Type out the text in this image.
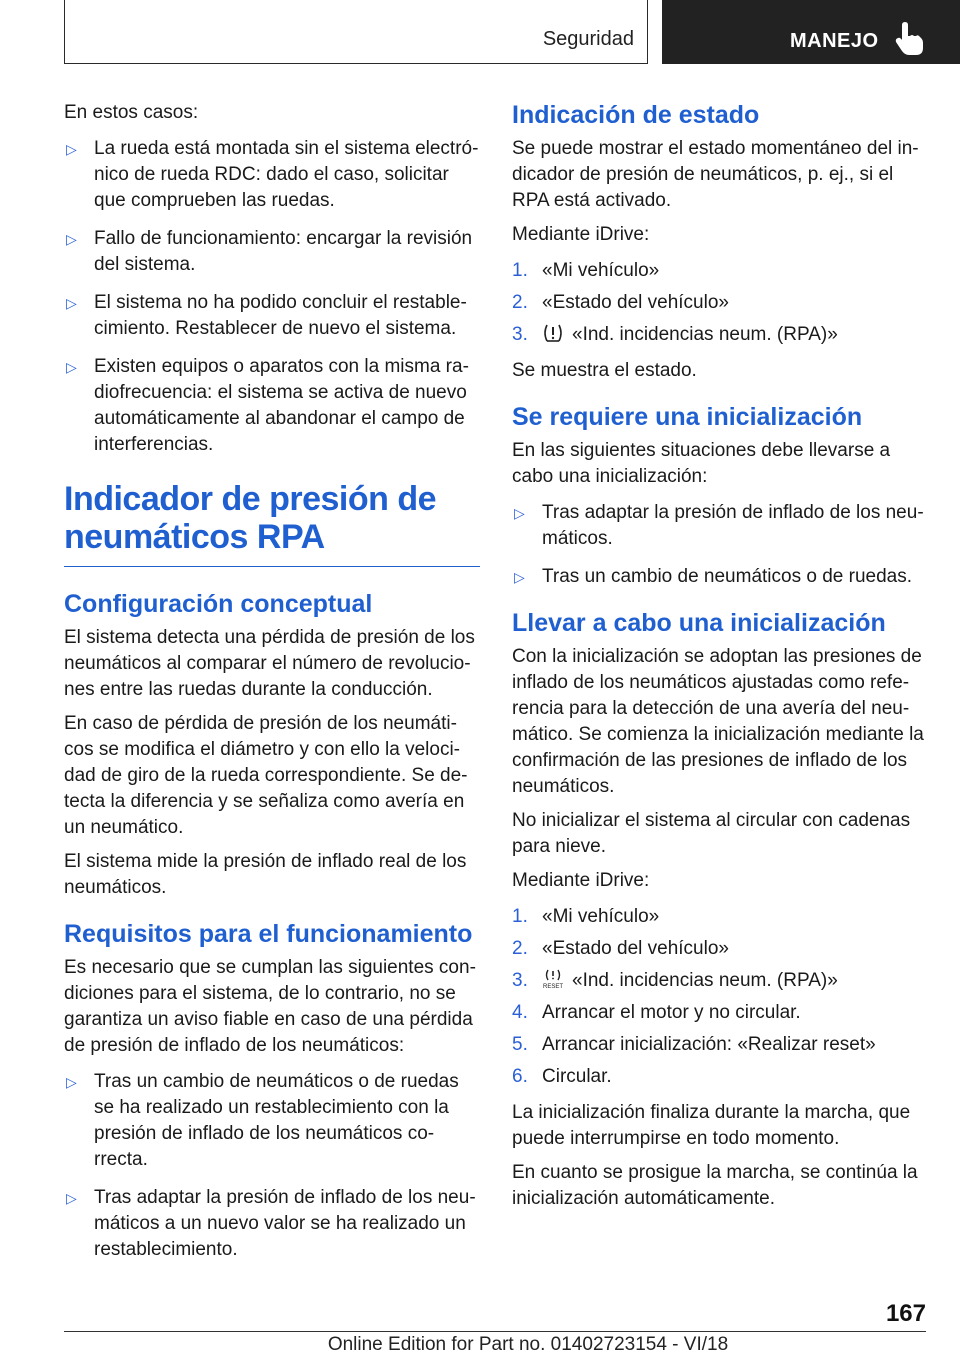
Seguridad	MANEJO

En estos casos:

▷ La rueda está montada sin el sistema electró-nico de rueda RDC: dado el caso, solicitar que comprueben las ruedas.
▷ Fallo de funcionamiento: encargar la revisión del sistema.
▷ El sistema no ha podido concluir el restable-cimiento. Restablecer de nuevo el sistema.
▷ Existen equipos o aparatos con la misma ra-diofrecuencia: el sistema se activa de nuevo automáticamente al abandonar el campo de interferencias.
Indicador de presión de neumáticos RPA
Configuración conceptual

El sistema detecta una pérdida de presión de los neumáticos al comparar el número de revolucio-nes entre las ruedas durante la conducción.

En caso de pérdida de presión de los neumáti-cos se modifica el diámetro y con ello la veloci-dad de giro de la rueda correspondiente. Se de-tecta la diferencia y se señaliza como avería en un neumático.

El sistema mide la presión de inflado real de los neumáticos.

Requisitos para el funcionamiento

Es necesario que se cumplan las siguientes con-diciones para el sistema, de lo contrario, no se garantiza un aviso fiable en caso de una pérdida de presión de inflado de los neumáticos:

▷ Tras un cambio de neumáticos o de ruedas se ha realizado un restablecimiento con la presión de inflado de los neumáticos co-rrecta.
▷ Tras adaptar la presión de inflado de los neu-máticos a un nuevo valor se ha realizado un restablecimiento.
Indicación de estado

Se puede mostrar el estado momentáneo del in-dicador de presión de neumáticos, p. ej., si el RPA está activado.

Mediante iDrive:

1. «Mi vehículo»
2. «Estado del vehículo»
3. «Ind. incidencias neum. (RPA)»

Se muestra el estado.

Se requiere una inicialización

En las siguientes situaciones debe llevarse a cabo una inicialización:

▷ Tras adaptar la presión de inflado de los neu-máticos.
▷ Tras un cambio de neumáticos o de ruedas.
Llevar a cabo una inicialización

Con la inicialización se adoptan las presiones de inflado de los neumáticos ajustadas como refe-rencia para la detección de una avería del neu-mático. Se comienza la inicialización mediante la confirmación de las presiones de inflado de los neumáticos.

No inicializar el sistema al circular con cadenas para nieve.

Mediante iDrive:

1. «Mi vehículo»
2. «Estado del vehículo»
3.	RESET «Ind. incidencias neum. (RPA)»
4. Arrancar el motor y no circular.
5. Arrancar inicialización: «Realizar reset»
6. Circular.

La inicialización finaliza durante la marcha, que puede interrumpirse en todo momento.

En cuanto se prosigue la marcha, se continúa la inicialización automáticamente.

167
Online Edition for Part no. 01402723154 - VI/18
